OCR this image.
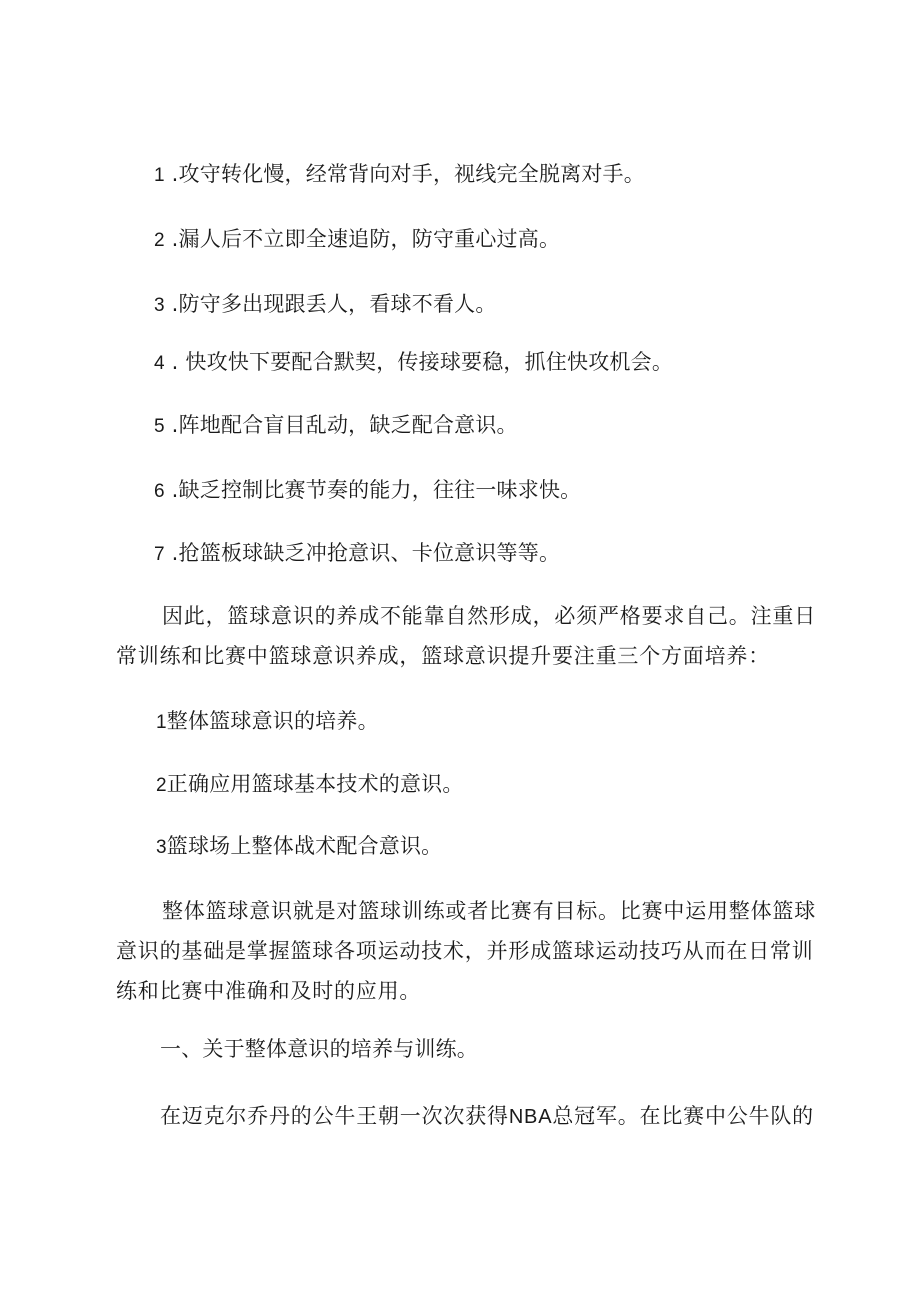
1 .攻守转化慢，经常背向对手，视线完全脱离对手。
2 .漏人后不立即全速追防，防守重心过高。
3 .防守多出现跟丢人，看球不看人。
4 . 快攻快下要配合默契，传接球要稳，抓住快攻机会。
5 .阵地配合盲目乱动，缺乏配合意识。
6 .缺乏控制比赛节奏的能力，往往一味求快。
7 .抢篮板球缺乏冲抢意识、卡位意识等等。
因此，篮球意识的养成不能靠自然形成，必须严格要求自己。注重日常训练和比赛中篮球意识养成，篮球意识提升要注重三个方面培养：
1整体篮球意识的培养。
2正确应用篮球基本技术的意识。
3篮球场上整体战术配合意识。
整体篮球意识就是对篮球训练或者比赛有目标。比赛中运用整体篮球意识的基础是掌握篮球各项运动技术，并形成篮球运动技巧从而在日常训练和比赛中准确和及时的应用。
一、关于整体意识的培养与训练。
在迈克尔乔丹的公牛王朝一次次获得NBA总冠军。在比赛中公牛队的
